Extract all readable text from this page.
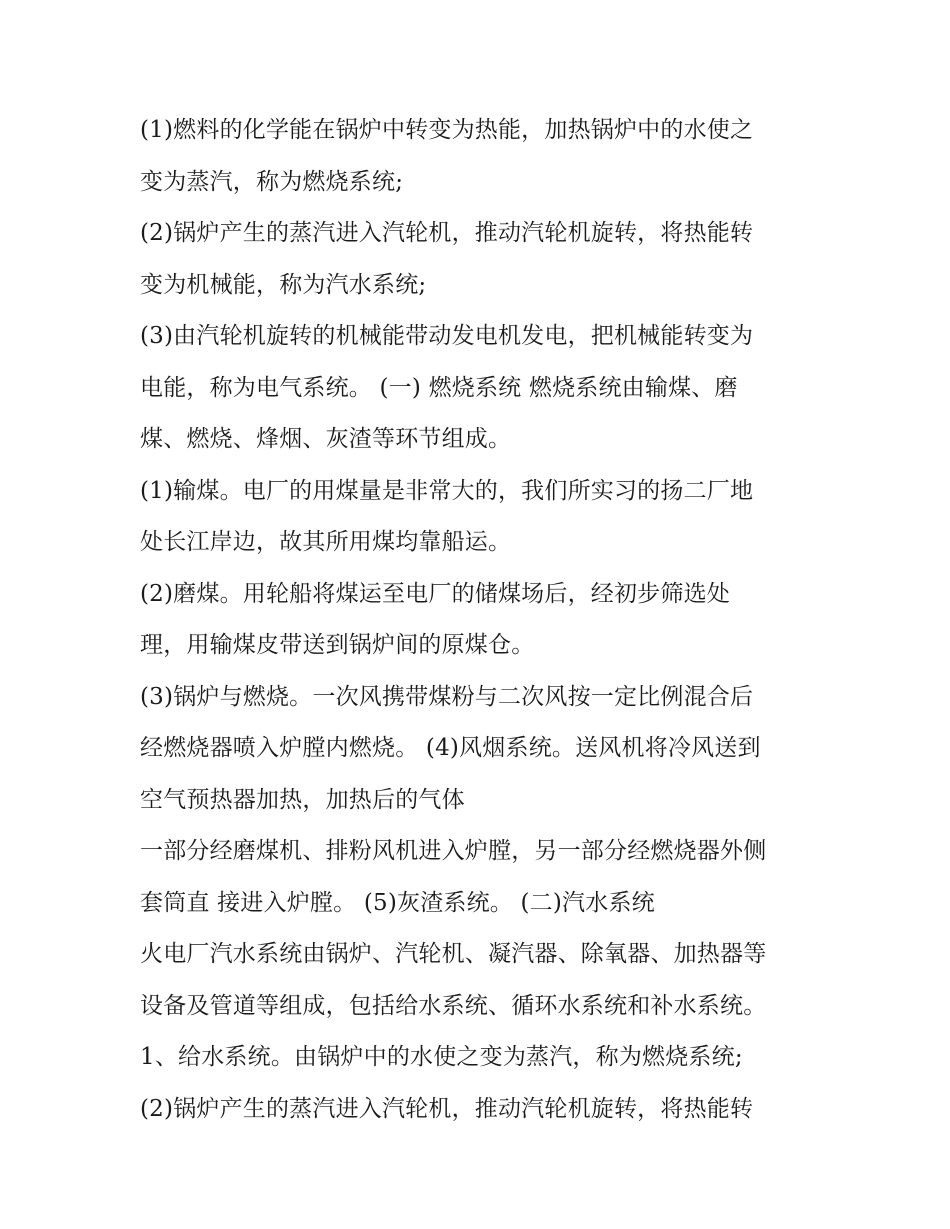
(1)燃料的化学能在锅炉中转变为热能，加热锅炉中的水使之
变为蒸汽，称为燃烧系统;
(2)锅炉产生的蒸汽进入汽轮机，推动汽轮机旋转，将热能转
变为机械能，称为汽水系统;
(3)由汽轮机旋转的机械能带动发电机发电，把机械能转变为
电能，称为电气系统。 (一) 燃烧系统 燃烧系统由输煤、磨
煤、燃烧、烽烟、灰渣等环节组成。
(1)输煤。电厂的用煤量是非常大的，我们所实习的扬二厂地
处长江岸边，故其所用煤均靠船运。
(2)磨煤。用轮船将煤运至电厂的储煤场后，经初步筛选处
理，用输煤皮带送到锅炉间的原煤仓。
(3)锅炉与燃烧。一次风携带煤粉与二次风按一定比例混合后
经燃烧器喷入炉膛内燃烧。 (4)风烟系统。送风机将冷风送到
空气预热器加热，加热后的气体
一部分经磨煤机、排粉风机进入炉膛，另一部分经燃烧器外侧
套筒直 接进入炉膛。 (5)灰渣系统。 (二)汽水系统
火电厂汽水系统由锅炉、汽轮机、凝汽器、除氧器、加热器等
设备及管道等组成，包括给水系统、循环水系统和补水系统。
1、给水系统。由锅炉中的水使之变为蒸汽，称为燃烧系统;
(2)锅炉产生的蒸汽进入汽轮机，推动汽轮机旋转，将热能转
